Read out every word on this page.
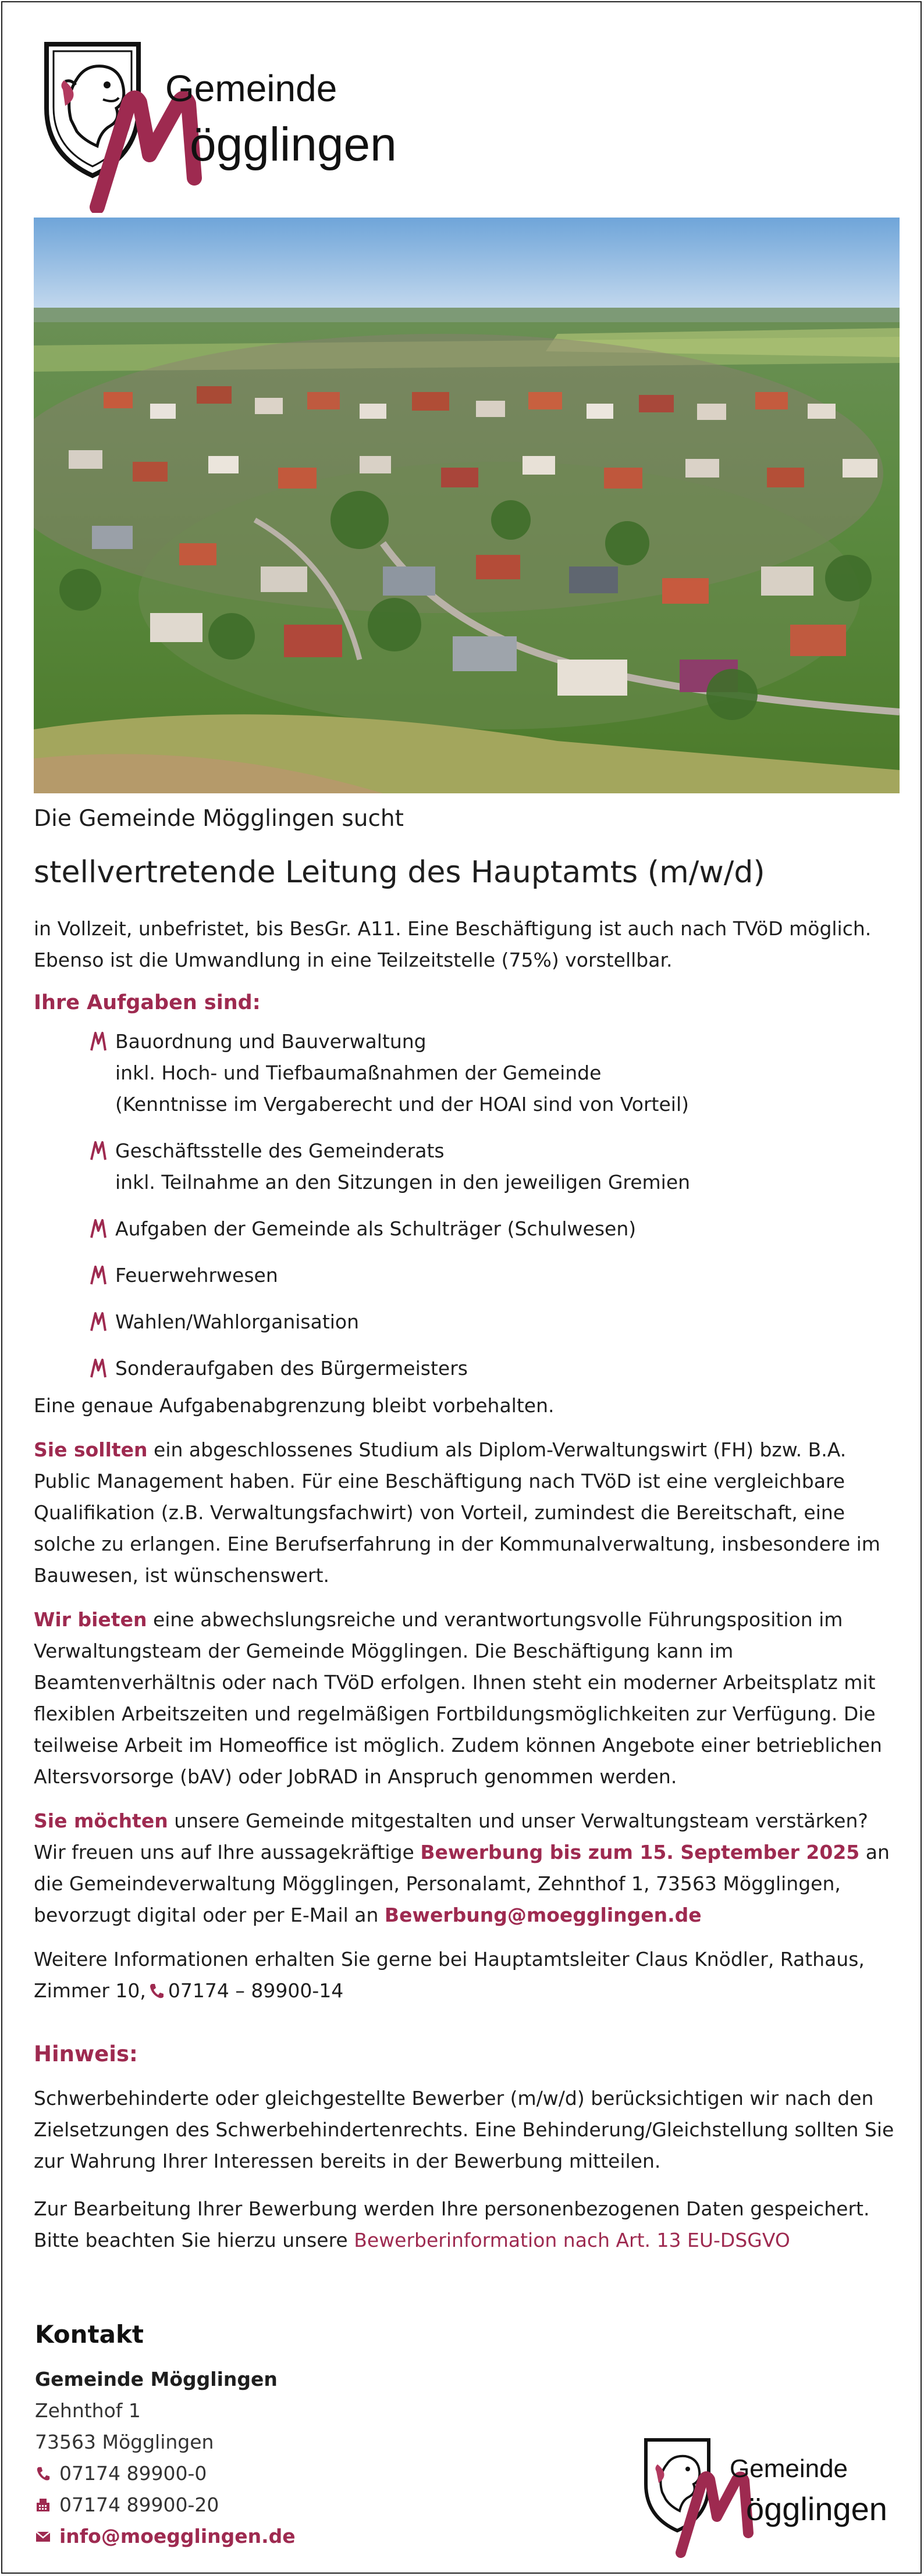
Gemeinde
ögglingen

Die Gemeinde Mögglingen sucht

stellvertretende Leitung des Hauptamts (m/w/d)

in Vollzeit, unbefristet, bis BesGr. A11. Eine Beschäftigung ist auch nach TVöD möglich.

Ebenso ist die Umwandlung in eine Teilzeitstelle (75%) vorstellbar.

Ihre Aufgaben sind:

Bauordnung und Bauverwaltung
inkl. Hoch- und Tiefbaumaßnahmen der Gemeinde
(Kenntnisse im Vergaberecht und der HOAI sind von Vorteil)
Geschäftsstelle des Gemeinderats
inkl. Teilnahme an den Sitzungen in den jeweiligen Gremien
Aufgaben der Gemeinde als Schulträger (Schulwesen)
Feuerwehrwesen
Wahlen/Wahlorganisation
Sonderaufgaben des Bürgermeisters

Eine genaue Aufgabenabgrenzung bleibt vorbehalten.

Sie sollten ein abgeschlossenes Studium als Diplom-Verwaltungswirt (FH) bzw. B.A. Public Management haben. Für eine Beschäftigung nach TVöD ist eine vergleichbare Qualifikation (z.B. Verwaltungsfachwirt) von Vorteil, zumindest die Bereitschaft, eine solche zu erlangen. Eine Berufserfahrung in der Kommunalverwaltung, insbesondere im Bauwesen, ist wünschenswert.

Wir bieten eine abwechslungsreiche und verantwortungsvolle Führungsposition im Verwaltungsteam der Gemeinde Mögglingen. Die Beschäftigung kann im Beamtenverhältnis oder nach TVöD erfolgen. Ihnen steht ein moderner Arbeitsplatz mit flexiblen Arbeitszeiten und regelmäßigen Fortbildungsmöglichkeiten zur Verfügung. Die teilweise Arbeit im Homeoffice ist möglich. Zudem können Angebote einer betrieblichen Altersvorsorge (bAV) oder JobRAD in Anspruch genommen werden.

Sie möchten unsere Gemeinde mitgestalten und unser Verwaltungsteam verstärken? Wir freuen uns auf Ihre aussagekräftige Bewerbung bis zum 15. September 2025 an die Gemeindeverwaltung Mögglingen, Personalamt, Zehnthof 1, 73563 Mögglingen, bevorzugt digital oder per E-Mail an Bewerbung@moegglingen.de

Weitere Informationen erhalten Sie gerne bei Hauptamtsleiter Claus Knödler, Rathaus, Zimmer 10, 07174 – 89900-14

Hinweis:

Schwerbehinderte oder gleichgestellte Bewerber (m/w/d) berücksichtigen wir nach den Zielsetzungen des Schwerbehindertenrechts. Eine Behinderung/Gleichstellung sollten Sie zur Wahrung Ihrer Interessen bereits in der Bewerbung mitteilen.

Zur Bearbeitung Ihrer Bewerbung werden Ihre personenbezogenen Daten gespeichert. Bitte beachten Sie hierzu unsere Bewerberinformation nach Art. 13 EU-DSGVO

Kontakt

Gemeinde Mögglingen

Zehnthof 1

73563 Mögglingen

07174 89900-0
07174 89900-20
info@moegglingen.de
Gemeinde
ögglingen
